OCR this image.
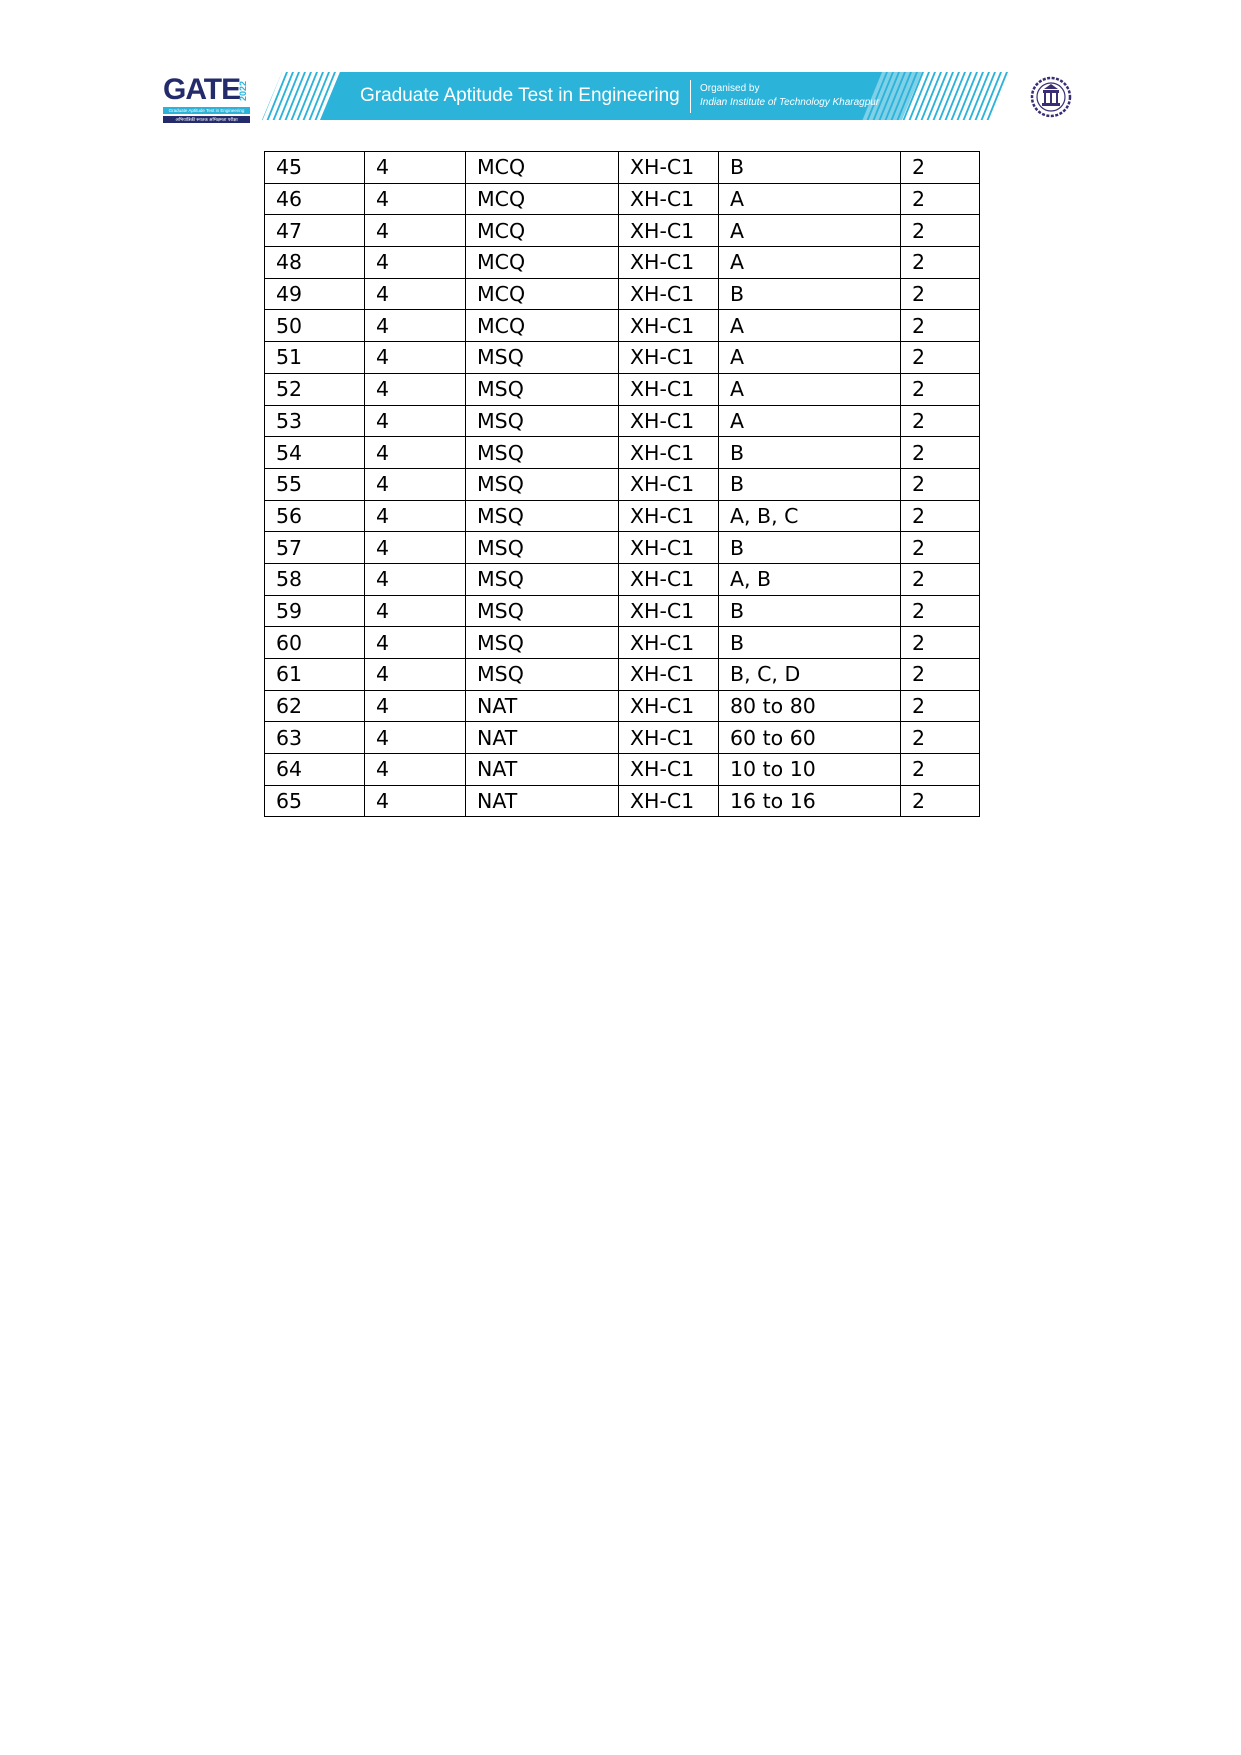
GATE
2022
Graduate Aptitude Test in Engineering
अभियांत्रिकी स्नातक अभिक्षमता परीक्षा
Graduate Aptitude Test in Engineering Organised by
Indian Institute of Technology Kharagpur
45	4	MCQ	XH-C1	B	2
46	4	MCQ	XH-C1	A	2
47	4	MCQ	XH-C1	A	2
48	4	MCQ	XH-C1	A	2
49	4	MCQ	XH-C1	B	2
50	4	MCQ	XH-C1	A	2
51	4	MSQ	XH-C1	A	2
52	4	MSQ	XH-C1	A	2
53	4	MSQ	XH-C1	A	2
54	4	MSQ	XH-C1	B	2
55	4	MSQ	XH-C1	B	2
56	4	MSQ	XH-C1	A, B, C	2
57	4	MSQ	XH-C1	B	2
58	4	MSQ	XH-C1	A, B	2
59	4	MSQ	XH-C1	B	2
60	4	MSQ	XH-C1	B	2
61	4	MSQ	XH-C1	B, C, D	2
62	4	NAT	XH-C1	80 to 80	2
63	4	NAT	XH-C1	60 to 60	2
64	4	NAT	XH-C1	10 to 10	2
65	4	NAT	XH-C1	16 to 16	2
